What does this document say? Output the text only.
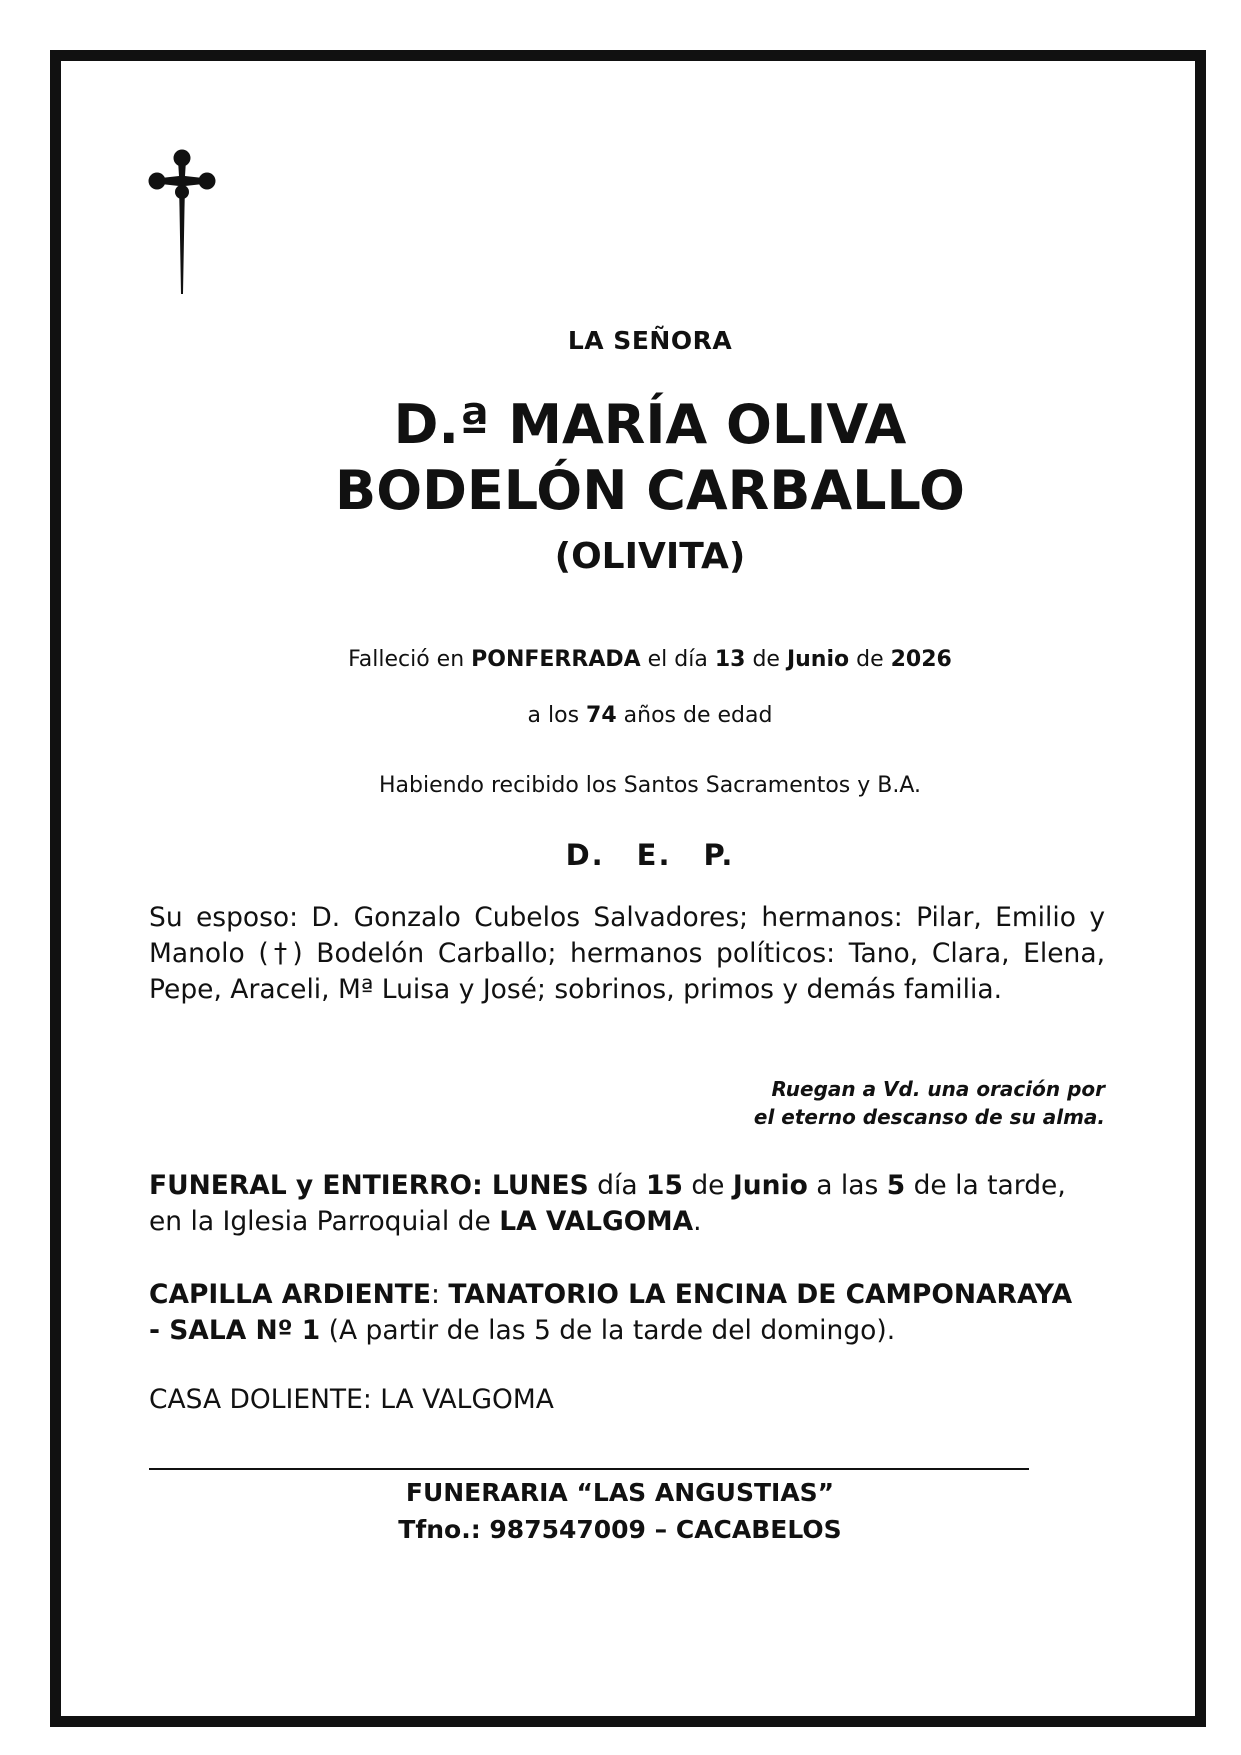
LA SEÑORA
D.ª MARÍA OLIVA
BODELÓN CARBALLO
(OLIVITA)
Falleció en PONFERRADA el día 13 de Junio de 2026
a los 74 años de edad
Habiendo recibido los Santos Sacramentos y B.A.
D. E. P.
Su esposo: D. Gonzalo Cubelos Salvadores; hermanos: Pilar, Emilio y Manolo (†) Bodelón Carballo; hermanos políticos: Tano, Clara, Elena, Pepe, Araceli, Mª Luisa y José; sobrinos, primos y demás familia.
Ruegan a Vd. una oración por
el eterno descanso de su alma.
FUNERAL y ENTIERRO: LUNES día 15 de Junio a las 5 de la tarde, en la Iglesia Parroquial de LA VALGOMA.
CAPILLA ARDIENTE: TANATORIO LA ENCINA DE CAMPONARAYA
- SALA Nº 1 (A partir de las 5 de la tarde del domingo).
CASA DOLIENTE: LA VALGOMA
FUNERARIA “LAS ANGUSTIAS”
Tfno.: 987547009 – CACABELOS
